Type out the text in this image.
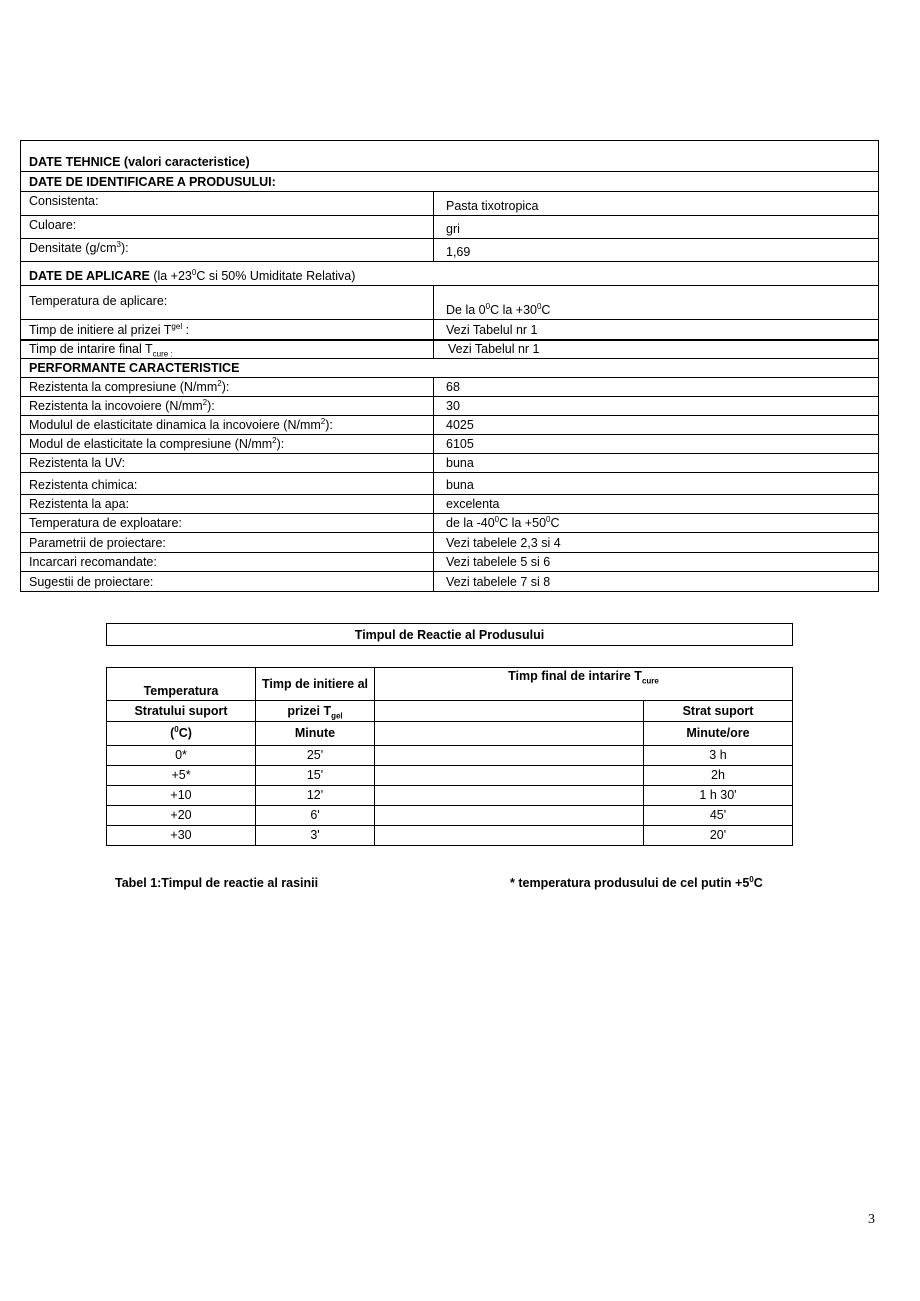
DATE TEHNICE (valori caracteristice)	
DATE DE IDENTIFICARE A PRODUSULUI:	
Consistenta:	Pasta tixotropica
Culoare:	gri
Densitate $(g/cm^3)$:	1,69
DATE DE APLICARE ($la +23^0C$ si 50% Umiditate Relativa)	
Temperatura de aplicare:	De la $0^0C$ la $+30^0C$
Timp de initiere al prizei $T^{gel}$ :	Vezi Tabelul nr 1
Timp de intarire final $T_{cure :}$	Vezi Tabelul nr 1
PERFORMANTE CARACTERISTICE	
Rezistenta la compresiune $(N/mm^2)$:	68
Rezistenta la incovoiere $(N/mm^2)$:	30
Modulul de elasticitate dinamica la incovoiere $(N/mm^2)$:	4025
Modul de elasticitate la compresiune $(N/mm^2)$:	6105
Rezistenta la UV:	buna
Rezistenta chimica:	buna
Rezistenta la apa:	excelenta
Temperatura de exploatare:	de la $-40^0C$ la $+50^0C$
Parametrii de proiectare:	Vezi tabelele 2,3 si 4
Incarcari recomandate:	Vezi tabelele 5 si 6
Sugestii de proiectare:	Vezi tabelele 7 si 8
Timpul de Reactie al Produsului
Temperatura	Timp de initiere al	Timp final de intarire $T_{cure}$
Stratului suport	prizei $T_{gel}$		Strat suport
($^0$C)	Minute		Minute/ore
0*	25'		3 h
+5*	15'		2h
+10	12'		1 h 30'
+20	6'		45'
+30	3'		20'
Tabel 1:Timpul de reactie al rasinii	* temperatura produsului de cel putin $+5^0C$
3
